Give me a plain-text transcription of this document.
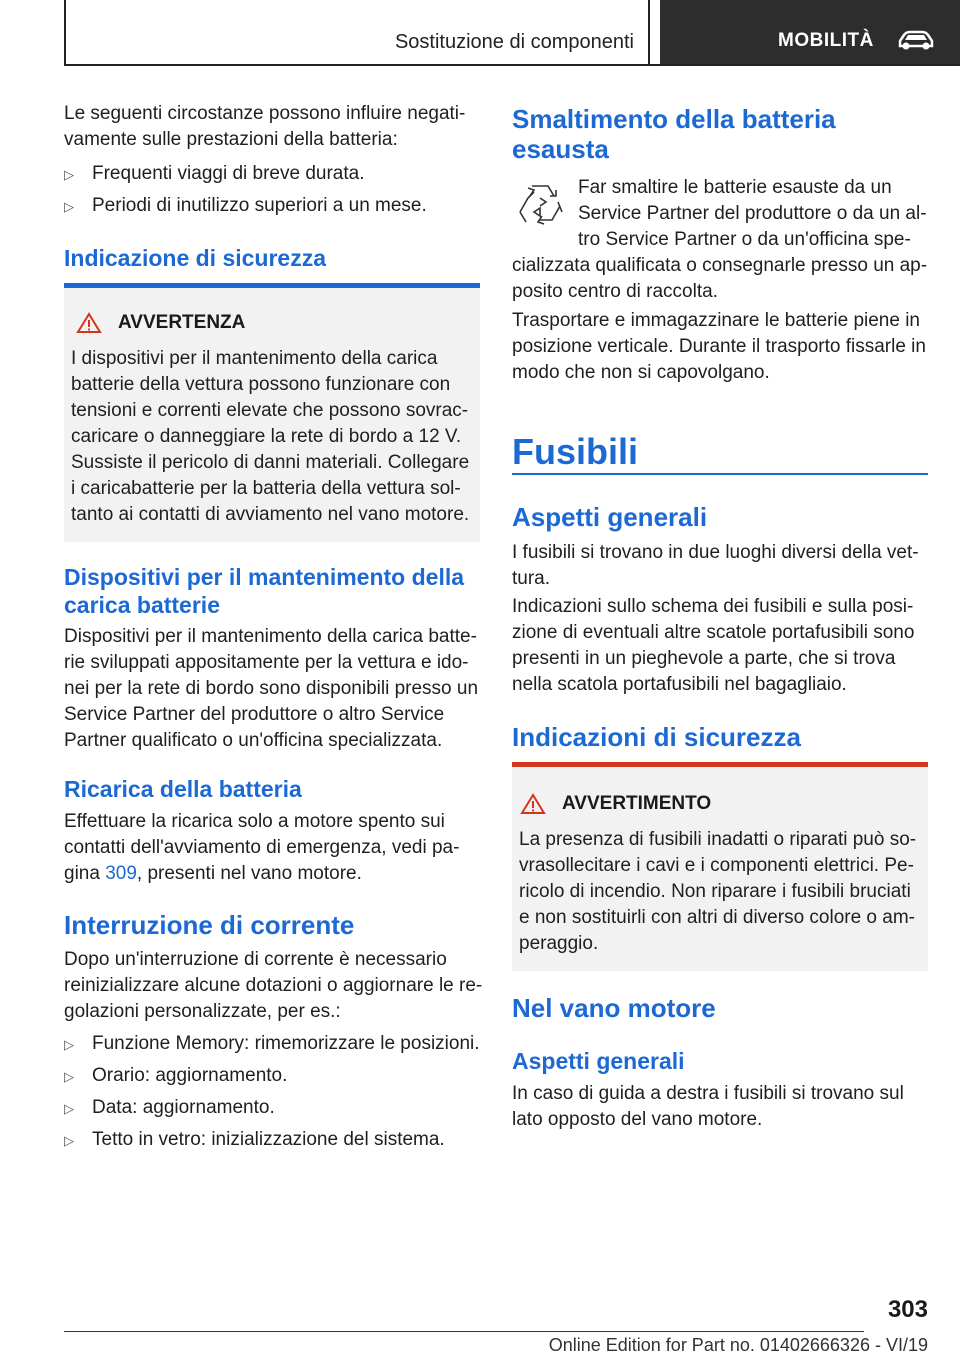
Sostituzione di componenti	MOBILITÀ

Le seguenti circostanze possono influire negati-

vamente sulle prestazioni della batteria:

▷ Frequenti viaggi di breve durata.
▷ Periodi di inutilizzo superiori a un mese.
Indicazione di sicurezza
AVVERTENZA

I dispositivi per il mantenimento della carica

batterie della vettura possono funzionare con

tensioni e correnti elevate che possono sovrac-

caricare o danneggiare la rete di bordo a 12 V.

Sussiste il pericolo di danni materiali. Collegare

i caricabatterie per la batteria della vettura sol-

tanto ai contatti di avviamento nel vano motore.

Dispositivi per il mantenimento della
carica batterie

Dispositivi per il mantenimento della carica batte-

rie sviluppati appositamente per la vettura e ido-

nei per la rete di bordo sono disponibili presso un

Service Partner del produttore o altro Service

Partner qualificato o un'officina specializzata.

Ricarica della batteria

Effettuare la ricarica solo a motore spento sui

contatti dell'avviamento di emergenza, vedi pa-

gina 309, presenti nel vano motore.

Interruzione di corrente

Dopo un'interruzione di corrente è necessario

reinizializzare alcune dotazioni o aggiornare le re-

golazioni personalizzate, per es.:

▷ Funzione Memory: rimemorizzare le posizioni.
▷ Orario: aggiornamento.
▷ Data: aggiornamento.
▷ Tetto in vetro: inizializzazione del sistema.
Smaltimento della batteria
esausta

Far smaltire le batterie esauste da un

Service Partner del produttore o da un al-

tro Service Partner o da un'officina spe-

cializzata qualificata o consegnarle presso un ap-

posito centro di raccolta.

Trasportare e immagazzinare le batterie piene in

posizione verticale. Durante il trasporto fissarle in

modo che non si capovolgano.

Fusibili
Aspetti generali

I fusibili si trovano in due luoghi diversi della vet-

tura.

Indicazioni sullo schema dei fusibili e sulla posi-

zione di eventuali altre scatole portafusibili sono

presenti in un pieghevole a parte, che si trova

nella scatola portafusibili nel bagagliaio.

Indicazioni di sicurezza
AVVERTIMENTO

La presenza di fusibili inadatti o riparati può so-

vrasollecitare i cavi e i componenti elettrici. Pe-

ricolo di incendio. Non riparare i fusibili bruciati

e non sostituirli con altri di diverso colore o am-

peraggio.

Nel vano motore
Aspetti generali

In caso di guida a destra i fusibili si trovano sul

lato opposto del vano motore.

303
Online Edition for Part no. 01402666326 - VI/19
